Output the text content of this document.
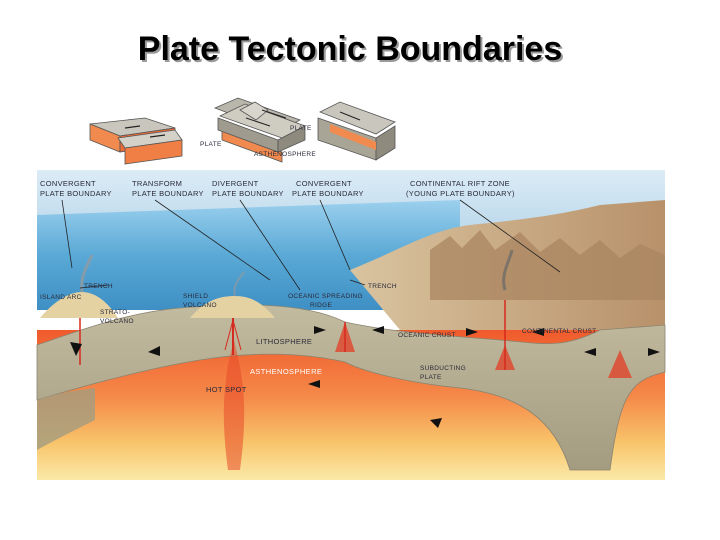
Plate Tectonic Boundaries
PLATE
PLATE
ASTHENOSPHERE
CONVERGENT
PLATE BOUNDARY
TRANSFORM
PLATE BOUNDARY
DIVERGENT
PLATE BOUNDARY
CONVERGENT
PLATE BOUNDARY
CONTINENTAL RIFT ZONE
(YOUNG PLATE BOUNDARY)
TRENCH	TRENCH
ISLAND ARC
STRATO-
VOLCANO
SHIELD
VOLCANO
OCEANIC SPREADING
RIDGE
OCEANIC CRUST
CONTINENTAL CRUST
LITHOSPHERE
ASTHENOSPHERE
HOT SPOT
SUBDUCTING
PLATE
